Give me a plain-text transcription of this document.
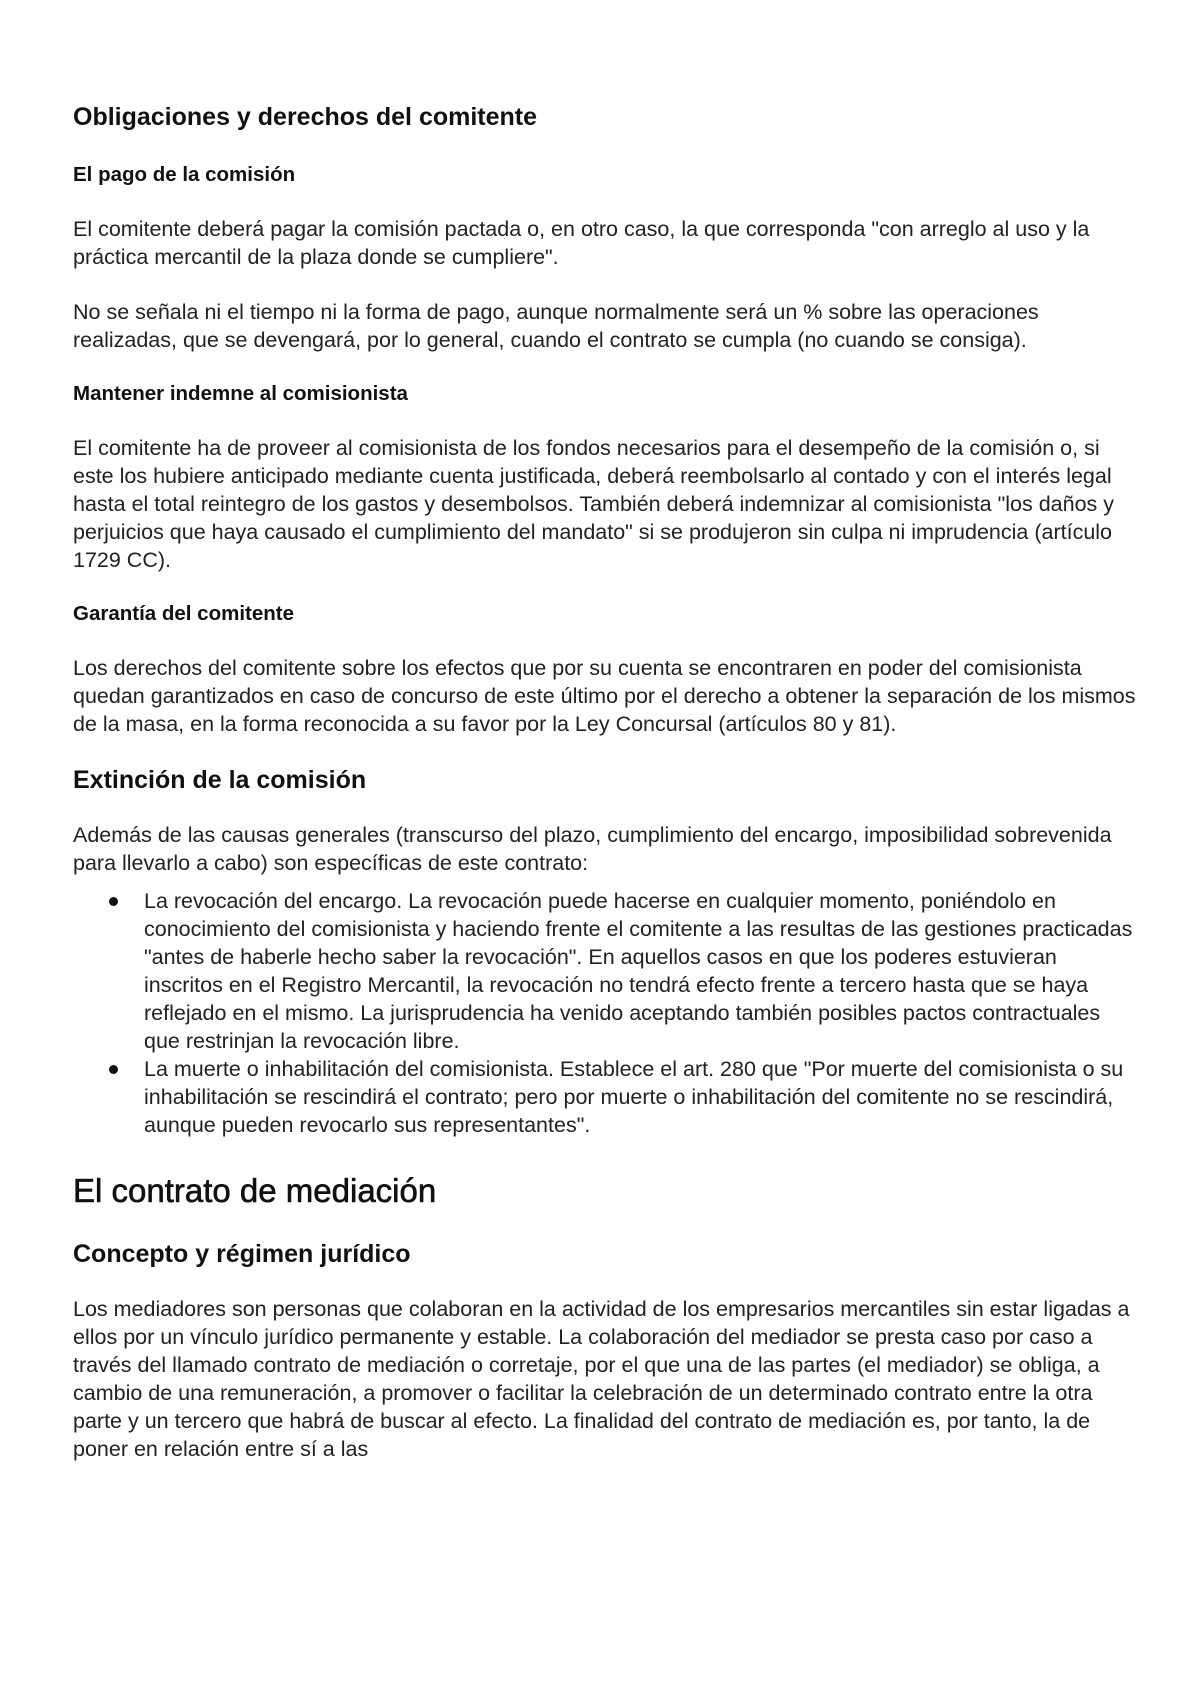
Obligaciones y derechos del comitente
El pago de la comisión

El comitente deberá pagar la comisión pactada o, en otro caso, la que corresponda "con arreglo al uso y la práctica mercantil de la plaza donde se cumpliere".

No se señala ni el tiempo ni la forma de pago, aunque normalmente será un % sobre las operaciones realizadas, que se devengará, por lo general, cuando el contrato se cumpla (no cuando se consiga).

Mantener indemne al comisionista

El comitente ha de proveer al comisionista de los fondos necesarios para el desempeño de la comisión o, si este los hubiere anticipado mediante cuenta justificada, deberá reembolsarlo al contado y con el interés legal hasta el total reintegro de los gastos y desembolsos. También deberá indemnizar al comisionista "los daños y perjuicios que haya causado el cumplimiento del mandato" si se produjeron sin culpa ni imprudencia (artículo 1729 CC).

Garantía del comitente

Los derechos del comitente sobre los efectos que por su cuenta se encontraren en poder del comisionista quedan garantizados en caso de concurso de este último por el derecho a obtener la separación de los mismos de la masa, en la forma reconocida a su favor por la Ley Concursal (artículos 80 y 81).

Extinción de la comisión

Además de las causas generales (transcurso del plazo, cumplimiento del encargo, imposibilidad sobrevenida para llevarlo a cabo) son específicas de este contrato:

La revocación del encargo. La revocación puede hacerse en cualquier momento, poniéndolo en conocimiento del comisionista y haciendo frente el comitente a las resultas de las gestiones practicadas "antes de haberle hecho saber la revocación". En aquellos casos en que los poderes estuvieran inscritos en el Registro Mercantil, la revocación no tendrá efecto frente a tercero hasta que se haya reflejado en el mismo. La jurisprudencia ha venido aceptando también posibles pactos contractuales que restrinjan la revocación libre.
La muerte o inhabilitación del comisionista. Establece el art. 280 que "Por muerte del comisionista o su inhabilitación se rescindirá el contrato; pero por muerte o inhabilitación del comitente no se rescindirá, aunque pueden revocarlo sus representantes".
El contrato de mediación
Concepto y régimen jurídico

Los mediadores son personas que colaboran en la actividad de los empresarios mercantiles sin estar ligadas a ellos por un vínculo jurídico permanente y estable. La colaboración del mediador se presta caso por caso a través del llamado contrato de mediación o corretaje, por el que una de las partes (el mediador) se obliga, a cambio de una remuneración, a promover o facilitar la celebración de un determinado contrato entre la otra parte y un tercero que habrá de buscar al efecto. La finalidad del contrato de mediación es, por tanto, la de poner en relación entre sí a las
